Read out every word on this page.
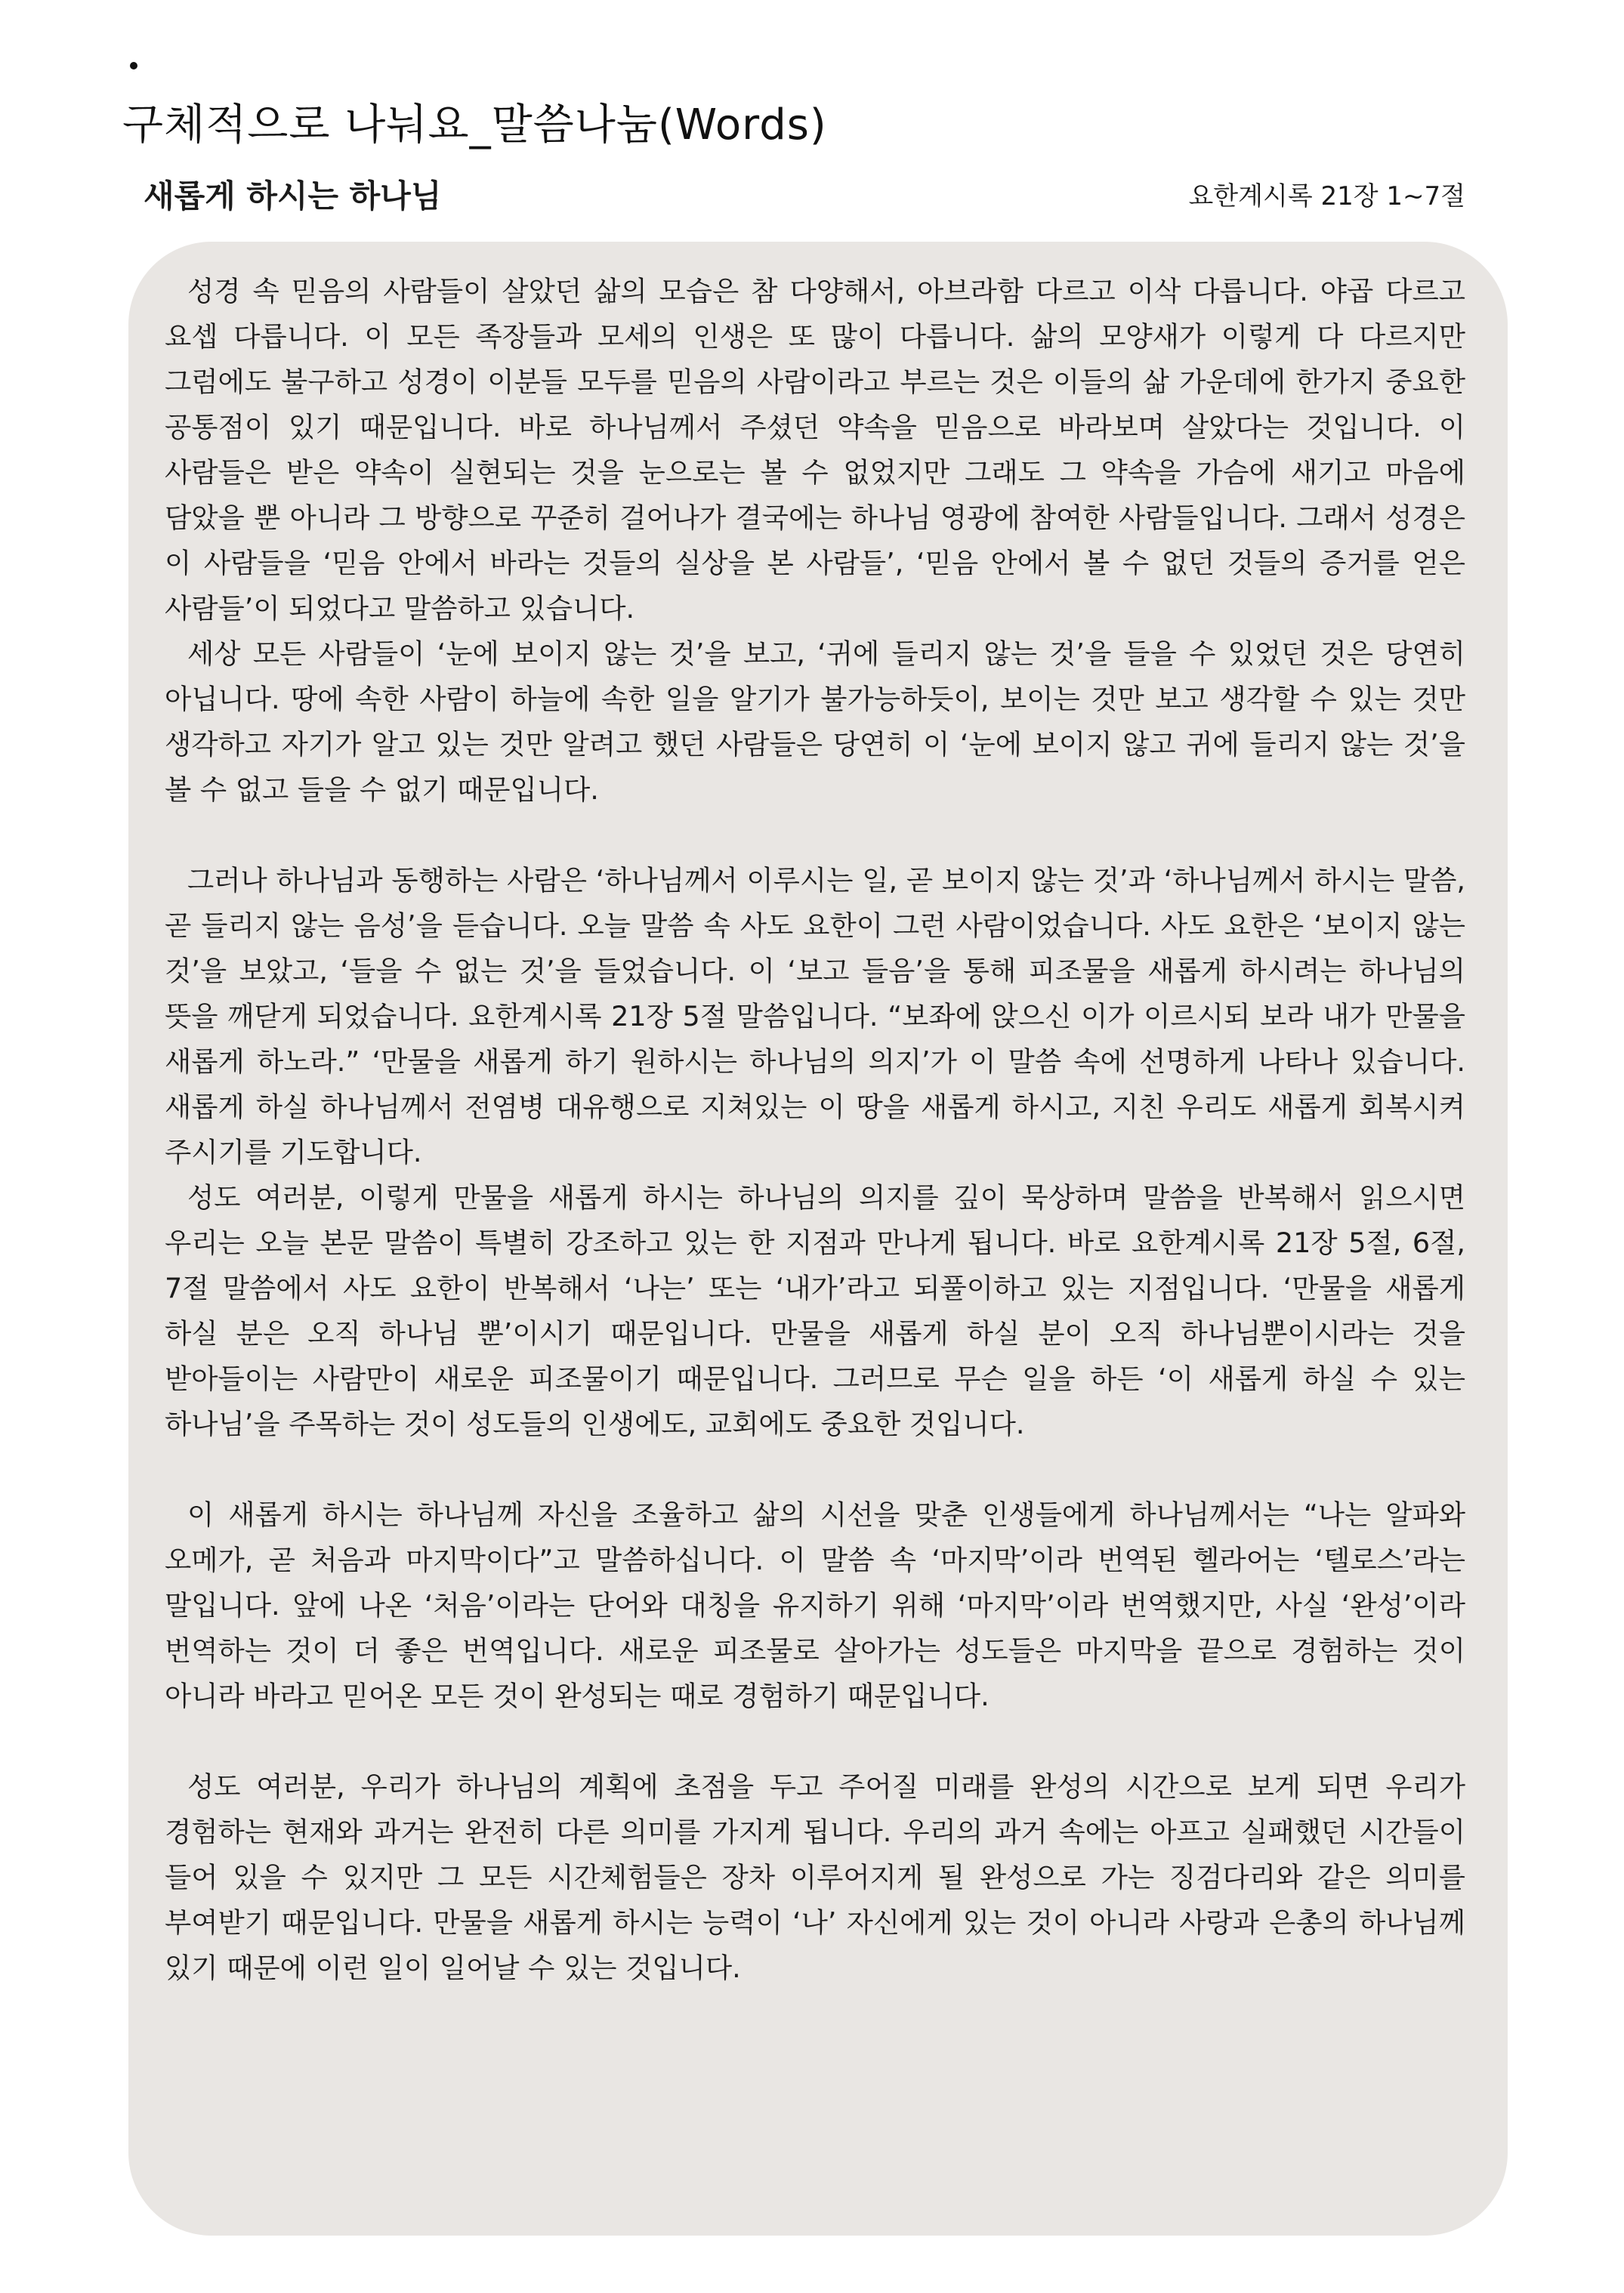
구체적으로 나눠요_말씀나눔(Words)
새롭게 하시는 하나님	요한계시록 21장 1~7절

성경 속 믿음의 사람들이 살았던 삶의 모습은 참 다양해서, 아브라함 다르고 이삭 다릅니다. 야곱 다르고 요셉 다릅니다. 이 모든 족장들과 모세의 인생은 또 많이 다릅니다. 삶의 모양새가 이렇게 다 다르지만 그럼에도 불구하고 성경이 이분들 모두를 믿음의 사람이라고 부르는 것은 이들의 삶 가운데에 한가지 중요한 공통점이 있기 때문입니다. 바로 하나님께서 주셨던 약속을 믿음으로 바라보며 살았다는 것입니다. 이 사람들은 받은 약속이 실현되는 것을 눈으로는 볼 수 없었지만 그래도 그 약속을 가슴에 새기고 마음에 담았을 뿐 아니라 그 방향으로 꾸준히 걸어나가 결국에는 하나님 영광에 참여한 사람들입니다. 그래서 성경은 이 사람들을 ‘믿음 안에서 바라는 것들의 실상을 본 사람들’, ‘믿음 안에서 볼 수 없던 것들의 증거를 얻은 사람들’이 되었다고 말씀하고 있습니다.

세상 모든 사람들이 ‘눈에 보이지 않는 것’을 보고, ‘귀에 들리지 않는 것’을 들을 수 있었던 것은 당연히 아닙니다. 땅에 속한 사람이 하늘에 속한 일을 알기가 불가능하듯이, 보이는 것만 보고 생각할 수 있는 것만 생각하고 자기가 알고 있는 것만 알려고 했던 사람들은 당연히 이 ‘눈에 보이지 않고 귀에 들리지 않는 것’을 볼 수 없고 들을 수 없기 때문입니다.

그러나 하나님과 동행하는 사람은 ‘하나님께서 이루시는 일, 곧 보이지 않는 것’과 ‘하나님께서 하시는 말씀, 곧 들리지 않는 음성’을 듣습니다. 오늘 말씀 속 사도 요한이 그런 사람이었습니다. 사도 요한은 ‘보이지 않는 것’을 보았고, ‘들을 수 없는 것’을 들었습니다. 이 ‘보고 들음’을 통해 피조물을 새롭게 하시려는 하나님의 뜻을 깨닫게 되었습니다. 요한계시록 21장 5절 말씀입니다. “보좌에 앉으신 이가 이르시되 보라 내가 만물을 새롭게 하노라.” ‘만물을 새롭게 하기 원하시는 하나님의 의지’가 이 말씀 속에 선명하게 나타나 있습니다. 새롭게 하실 하나님께서 전염병 대유행으로 지쳐있는 이 땅을 새롭게 하시고, 지친 우리도 새롭게 회복시켜 주시기를 기도합니다.

성도 여러분, 이렇게 만물을 새롭게 하시는 하나님의 의지를 깊이 묵상하며 말씀을 반복해서 읽으시면 우리는 오늘 본문 말씀이 특별히 강조하고 있는 한 지점과 만나게 됩니다. 바로 요한계시록 21장 5절, 6절, 7절 말씀에서 사도 요한이 반복해서 ‘나는’ 또는 ‘내가’라고 되풀이하고 있는 지점입니다. ‘만물을 새롭게 하실 분은 오직 하나님 뿐’이시기 때문입니다. 만물을 새롭게 하실 분이 오직 하나님뿐이시라는 것을 받아들이는 사람만이 새로운 피조물이기 때문입니다. 그러므로 무슨 일을 하든 ‘이 새롭게 하실 수 있는 하나님’을 주목하는 것이 성도들의 인생에도, 교회에도 중요한 것입니다.

이 새롭게 하시는 하나님께 자신을 조율하고 삶의 시선을 맞춘 인생들에게 하나님께서는 “나는 알파와 오메가, 곧 처음과 마지막이다”고 말씀하십니다. 이 말씀 속 ‘마지막’이라 번역된 헬라어는 ‘텔로스’라는 말입니다. 앞에 나온 ‘처음’이라는 단어와 대칭을 유지하기 위해 ‘마지막’이라 번역했지만, 사실 ‘완성’이라 번역하는 것이 더 좋은 번역입니다. 새로운 피조물로 살아가는 성도들은 마지막을 끝으로 경험하는 것이 아니라 바라고 믿어온 모든 것이 완성되는 때로 경험하기 때문입니다.

성도 여러분, 우리가 하나님의 계획에 초점을 두고 주어질 미래를 완성의 시간으로 보게 되면 우리가 경험하는 현재와 과거는 완전히 다른 의미를 가지게 됩니다. 우리의 과거 속에는 아프고 실패했던 시간들이 들어 있을 수 있지만 그 모든 시간체험들은 장차 이루어지게 될 완성으로 가는 징검다리와 같은 의미를 부여받기 때문입니다. 만물을 새롭게 하시는 능력이 ‘나’ 자신에게 있는 것이 아니라 사랑과 은총의 하나님께 있기 때문에 이런 일이 일어날 수 있는 것입니다.
